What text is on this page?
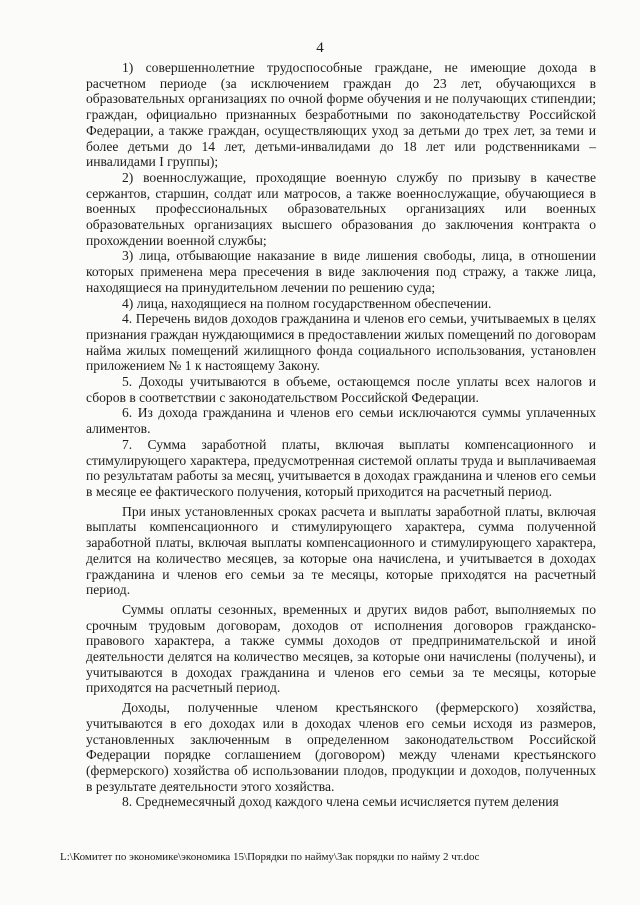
4

1) совершеннолетние трудоспособные граждане, не имеющие дохода в расчетном периоде (за исключением граждан до 23 лет, обучающихся в образовательных организациях по очной форме обучения и не получающих стипендии; граждан, официально признанных безработными по законодательству Российской Федерации, а также граждан, осуществляющих уход за детьми до трех лет, за теми и более детьми до 14 лет, детьми-инвалидами до 18 лет или родственниками – инвалидами I группы);

2) военнослужащие, проходящие военную службу по призыву в качестве сержантов, старшин, солдат или матросов, а также военнослужащие, обучающиеся в военных профессиональных образовательных организациях или военных образовательных организациях высшего образования до заключения контракта о прохождении военной службы;

3) лица, отбывающие наказание в виде лишения свободы, лица, в отношении которых применена мера пресечения в виде заключения под стражу, а также лица, находящиеся на принудительном лечении по решению суда;

4) лица, находящиеся на полном государственном обеспечении.

4. Перечень видов доходов гражданина и членов его семьи, учитываемых в целях признания граждан нуждающимися в предоставлении жилых помещений по договорам найма жилых помещений жилищного фонда социального использования, установлен приложением № 1 к настоящему Закону.

5. Доходы учитываются в объеме, остающемся после уплаты всех налогов и сборов в соответствии с законодательством Российской Федерации.

6. Из дохода гражданина и членов его семьи исключаются суммы уплаченных алиментов.

7. Сумма заработной платы, включая выплаты компенсационного и стимулирующего характера, предусмотренная системой оплаты труда и выплачиваемая по результатам работы за месяц, учитывается в доходах гражданина и членов его семьи в месяце ее фактического получения, который приходится на расчетный период.

При иных установленных сроках расчета и выплаты заработной платы, включая выплаты компенсационного и стимулирующего характера, сумма полученной заработной платы, включая выплаты компенсационного и стимулирующего характера, делится на количество месяцев, за которые она начислена, и учитывается в доходах гражданина и членов его семьи за те месяцы, которые приходятся на расчетный период.

Суммы оплаты сезонных, временных и других видов работ, выполняемых по срочным трудовым договорам, доходов от исполнения договоров гражданско-правового характера, а также суммы доходов от предпринимательской и иной деятельности делятся на количество месяцев, за которые они начислены (получены), и учитываются в доходах гражданина и членов его семьи за те месяцы, которые приходятся на расчетный период.

Доходы, полученные членом крестьянского (фермерского) хозяйства, учитываются в его доходах или в доходах членов его семьи исходя из размеров, установленных заключенным в определенном законодательством Российской Федерации порядке соглашением (договором) между членами крестьянского (фермерского) хозяйства об использовании плодов, продукции и доходов, полученных в результате деятельности этого хозяйства.

8. Среднемесячный доход каждого члена семьи исчисляется путем деления

L:\Комитет по экономике\экономика 15\Порядки по найму\Зак порядки по найму 2 чт.doc
